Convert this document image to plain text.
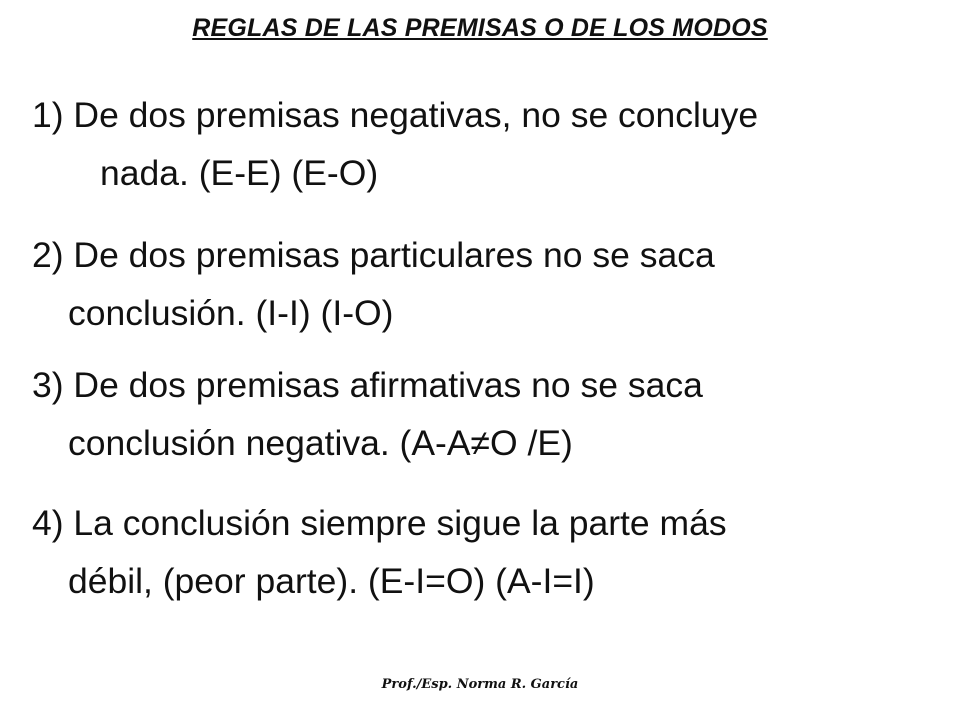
REGLAS DE LAS PREMISAS O DE LOS MODOS
1) De dos premisas negativas, no se concluye
nada. (E-E) (E-O)
2) De dos premisas particulares no se saca
conclusión. (I-I) (I-O)
3) De dos premisas afirmativas no se saca
conclusión negativa. (A-A≠O /E)
4) La conclusión siempre sigue la parte más
débil, (peor parte). (E-I=O) (A-I=I)
Prof./Esp. Norma R. García
